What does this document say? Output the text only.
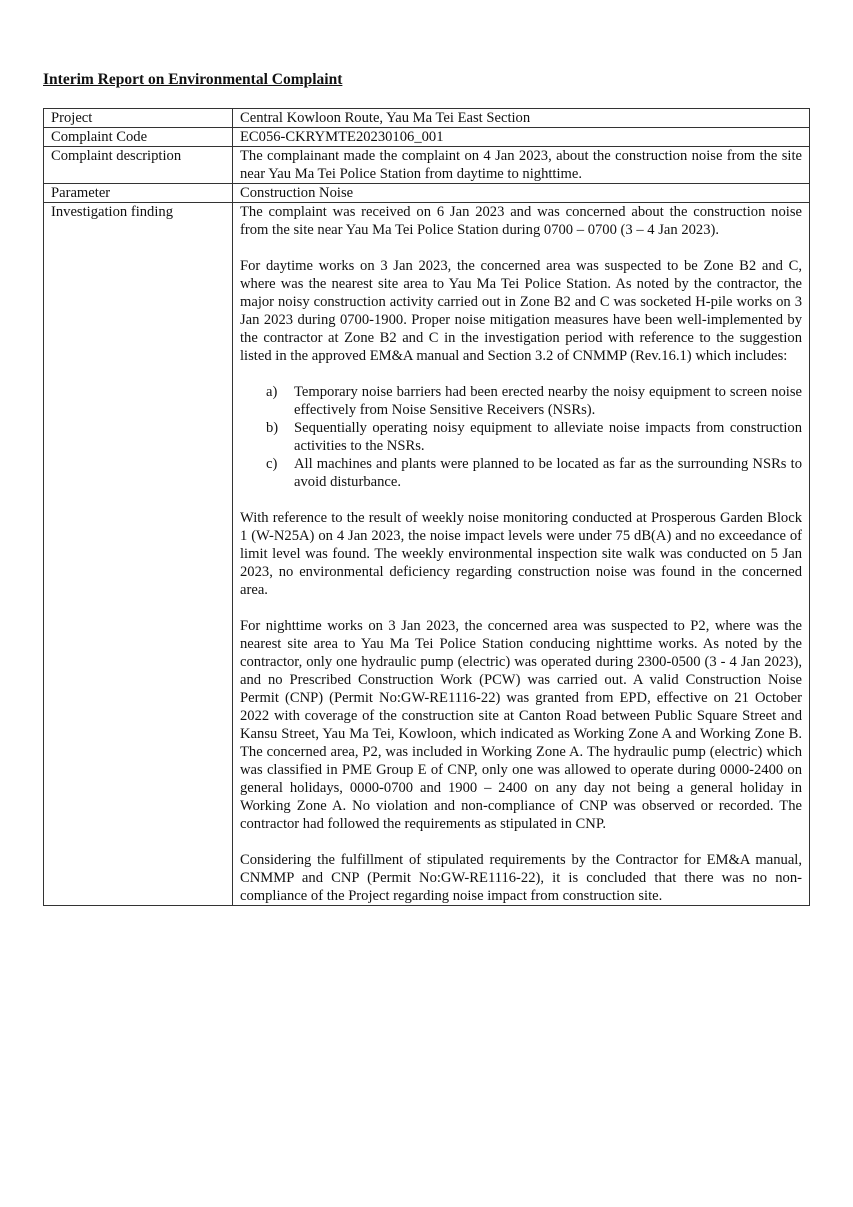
Interim Report on Environmental Complaint
Project	Central Kowloon Route, Yau Ma Tei East Section
Complaint Code	EC056-CKRYMTE20230106_001
Complaint description	The complainant made the complaint on 4 Jan 2023, about the construction noise from the site near Yau Ma Tei Police Station from daytime to nighttime.
Parameter	Construction Noise
Investigation finding	The complaint was received on 6 Jan 2023 and was concerned about the construction noise from the site near Yau Ma Tei Police Station during 0700 – 0700 (3 – 4 Jan 2023).

For daytime works on 3 Jan 2023, the concerned area was suspected to be Zone B2 and C, where was the nearest site area to Yau Ma Tei Police Station. As noted by the contractor, the major noisy construction activity carried out in Zone B2 and C was socketed H-pile works on 3 Jan 2023 during 0700-1900. Proper noise mitigation measures have been well-implemented by the contractor at Zone B2 and C in the investigation period with reference to the suggestion listed in the approved EM&A manual and Section 3.2 of CNMMP (Rev.16.1) which includes:

a)	Temporary noise barriers had been erected nearby the noisy equipment to screen noise effectively from Noise Sensitive Receivers (NSRs).
b)	Sequentially operating noisy equipment to alleviate noise impacts from construction activities to the NSRs.
c)	All machines and plants were planned to be located as far as the surrounding NSRs to avoid disturbance.

With reference to the result of weekly noise monitoring conducted at Prosperous Garden Block 1 (W-N25A) on 4 Jan 2023, the noise impact levels were under 75 dB(A) and no exceedance of limit level was found. The weekly environmental inspection site walk was conducted on 5 Jan 2023, no environmental deficiency regarding construction noise was found in the concerned area.

For nighttime works on 3 Jan 2023, the concerned area was suspected to P2, where was the nearest site area to Yau Ma Tei Police Station conducing nighttime works. As noted by the contractor, only one hydraulic pump (electric) was operated during 2300-0500 (3 - 4 Jan 2023), and no Prescribed Construction Work (PCW) was carried out. A valid Construction Noise Permit (CNP) (Permit No:GW-RE1116-22) was granted from EPD, effective on 21 October 2022 with coverage of the construction site at Canton Road between Public Square Street and Kansu Street, Yau Ma Tei, Kowloon, which indicated as Working Zone A and Working Zone B. The concerned area, P2, was included in Working Zone A. The hydraulic pump (electric) which was classified in PME Group E of CNP, only one was allowed to operate during 0000-2400 on general holidays, 0000-0700 and 1900 – 2400 on any day not being a general holiday in Working Zone A. No violation and non-compliance of CNP was observed or recorded. The contractor had followed the requirements as stipulated in CNP.

Considering the fulfillment of stipulated requirements by the Contractor for EM&A manual, CNMMP and CNP (Permit No:GW-RE1116-22), it is concluded that there was no non-compliance of the Project regarding noise impact from construction site.
